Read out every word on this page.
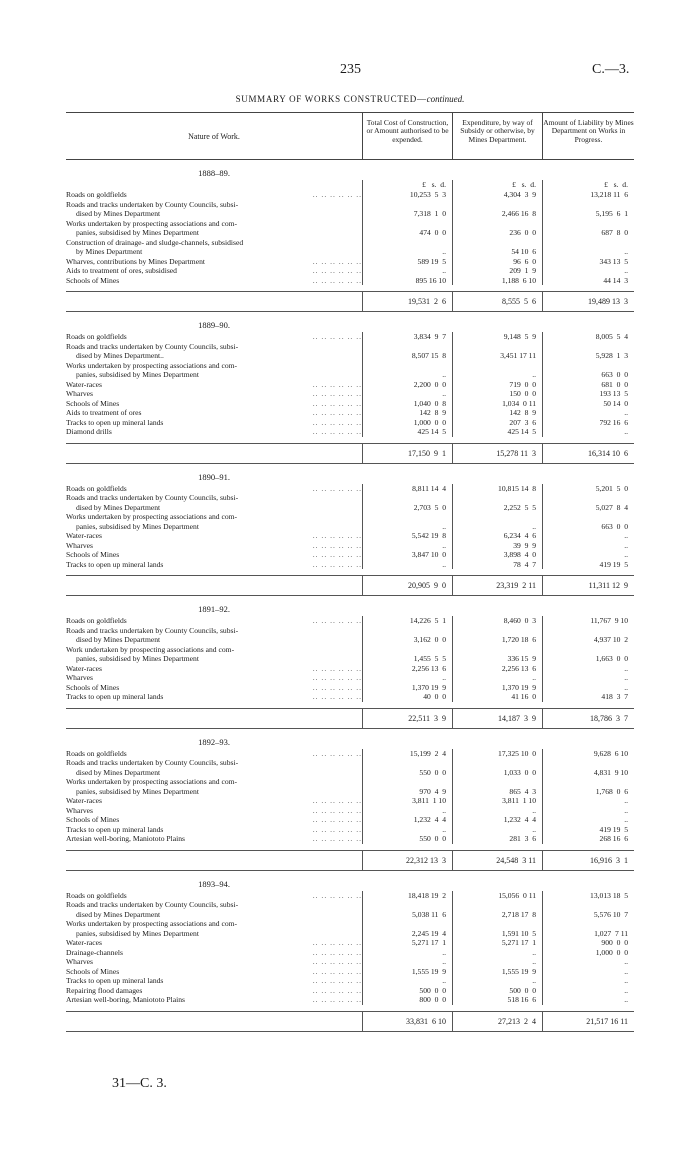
235	C.—3.
SUMMARY OF WORKS CONSTRUCTED—continued.
Nature of Work.
Total Cost of Construction, or Amount authorised to be expended.
Expenditure, by way of Subsidy or otherwise, by Mines Department.
Amount of Liability by Mines Department on Works in Progress.
1888–89.
£   s.  d.	£   s.  d.	£   s.  d.
.. .. .. .. .. ..
Roads on goldfields	10,253  5  3	4,304  3  9	13,218 11  6
Roads and tracks undertaken by County Councils, subsi-
dised by Mines Department	7,318  1  0	2,466 16  8	5,195  6  1
Works undertaken by prospecting associations and com-
panies, subsidised by Mines Department	474  0  0	236  0  0	687  8  0
Construction of drainage- and sludge-channels, subsidised
by Mines Department	..	54 10  6	..
.. .. .. .. .. ..
Wharves, contributions by Mines Department	589 19  5	96  6  0	343 13  5
.. .. .. .. .. ..
Aids to treatment of ores, subsidised	..	209  1  9	..
.. .. .. .. .. ..
Schools of Mines	895 16 10	1,188  6 10	44 14  3
19,531  2  6	8,555  5  6	19,489 13  3
1889–90.
.. .. .. .. .. ..
Roads on goldfields	3,834  9  7	9,148  5  9	8,005  5  4
Roads and tracks undertaken by County Councils, subsi-
dised by Mines Department..	8,507 15  8	3,451 17 11	5,928  1  3
Works undertaken by prospecting associations and com-
panies, subsidised by Mines Department	..	..	663  0  0
.. .. .. .. .. ..
Water-races	2,200  0  0	719  0  0	681  0  0
.. .. .. .. .. ..
Wharves	..	150  0  0	193 13  5
.. .. .. .. .. ..
Schools of Mines	1,040  0  8	1,034  0 11	50 14  0
.. .. .. .. .. ..
Aids to treatment of ores	142  8  9	142  8  9	..
.. .. .. .. .. ..
Tracks to open up mineral lands	1,000  0  0	207  3  6	792 16  6
.. .. .. .. .. ..
Diamond drills	425 14  5	425 14  5	..
17,150  9  1	15,278 11  3	16,314 10  6
1890–91.
.. .. .. .. .. ..
Roads on goldfields	8,811 14  4	10,815 14  8	5,201  5  0
Roads and tracks undertaken by County Councils, subsi-
dised by Mines Department	2,703  5  0	2,252  5  5	5,027  8  4
Works undertaken by prospecting associations and com-
panies, subsidised by Mines Department	..	..	663  0  0
.. .. .. .. .. ..
Water-races	5,542 19  8	6,234  4  6	..
.. .. .. .. .. ..
Wharves	..	39  9  9	..
.. .. .. .. .. ..
Schools of Mines	3,847 10  0	3,898  4  0	..
.. .. .. .. .. ..
Tracks to open up mineral lands	..	78  4  7	419 19  5
20,905  9  0	23,319  2 11	11,311 12  9
1891–92.
.. .. .. .. .. ..
Roads on goldfields	14,226  5  1	8,460  0  3	11,767  9 10
Roads and tracks undertaken by County Councils, subsi-
dised by Mines Department	3,162  0  0	1,720 18  6	4,937 10  2
Work undertaken by prospecting associations and com-
panies, subsidised by Mines Department	1,455  5  5	336 15  9	1,663  0  0
.. .. .. .. .. ..
Water-races	2,256 13  6	2,256 13  6	..
.. .. .. .. .. ..
Wharves	..	..	..
.. .. .. .. .. ..
Schools of Mines	1,370 19  9	1,370 19  9	..
.. .. .. .. .. ..
Tracks to open up mineral lands	40  0  0	41 16  0	418  3  7
22,511  3  9	14,187  3  9	18,786  3  7
1892–93.
.. .. .. .. .. ..
Roads on goldfields	15,199  2  4	17,325 10  0	9,628  6 10
Roads and tracks undertaken by County Councils, subsi-
dised by Mines Department	550  0  0	1,033  0  0	4,831  9 10
Works undertaken by prospecting associations and com-
panies, subsidised by Mines Department	970  4  9	865  4  3	1,768  0  6
.. .. .. .. .. ..
Water-races	3,811  1 10	3,811  1 10	..
.. .. .. .. .. ..
Wharves	..	..	..
.. .. .. .. .. ..
Schools of Mines	1,232  4  4	1,232  4  4	..
.. .. .. .. .. ..
Tracks to open up mineral lands	..	..	419 19  5
.. .. .. .. .. ..
Artesian well-boring, Maniototo Plains	550  0  0	281  3  6	268 16  6
22,312 13  3	24,548  3 11	16,916  3  1
1893–94.
.. .. .. .. .. ..
Roads on goldfields	18,418 19  2	15,056  0 11	13,013 18  5
Roads and tracks undertaken by County Councils, subsi-
dised by Mines Department	5,038 11  6	2,718 17  8	5,576 10  7
Works undertaken by prospecting associations and com-
panies, subsidised by Mines Department	2,245 19  4	1,591 10  5	1,027  7 11
.. .. .. .. .. ..
Water-races	5,271 17  1	5,271 17  1	900  0  0
.. .. .. .. .. ..
Drainage-channels	..	..	1,000  0  0
.. .. .. .. .. ..
Wharves	..	..	..
.. .. .. .. .. ..
Schools of Mines	1,555 19  9	1,555 19  9	..
.. .. .. .. .. ..
Tracks to open up mineral lands	..	..	..
.. .. .. .. .. ..
Repairing flood damages	500  0  0	500  0  0	..
.. .. .. .. .. ..
Artesian well-boring, Maniototo Plains	800  0  0	518 16  6	..
33,831  6 10	27,213  2  4	21,517 16 11
31—C. 3.
